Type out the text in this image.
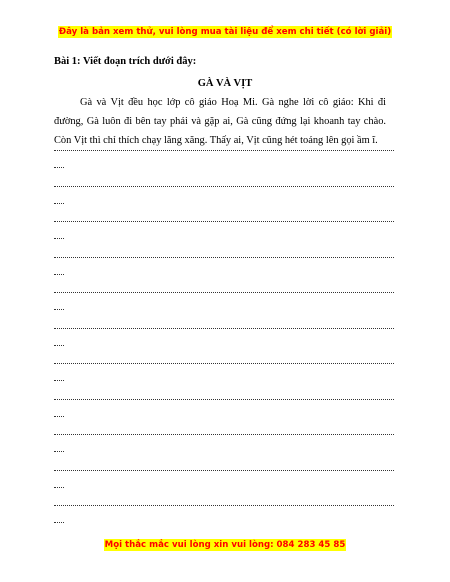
Đây là bản xem thử, vui lòng mua tài liệu để xem chi tiết (có lời giải)

Bài 1: Viết đoạn trích dưới đây:

GÀ VÀ VỊT

Gà và Vịt đều học lớp cô giáo Hoạ Mi. Gà nghe lời cô giáo: Khi đi đường, Gà luôn đi bên tay phải và gặp ai, Gà cũng đứng lại khoanh tay chào. Còn Vịt thì chỉ thích chạy lăng xăng. Thấy ai, Vịt cũng hét toáng lên gọi ầm ĩ.

Mọi thắc mắc vui lòng xin vui lòng: 084 283 45 85
